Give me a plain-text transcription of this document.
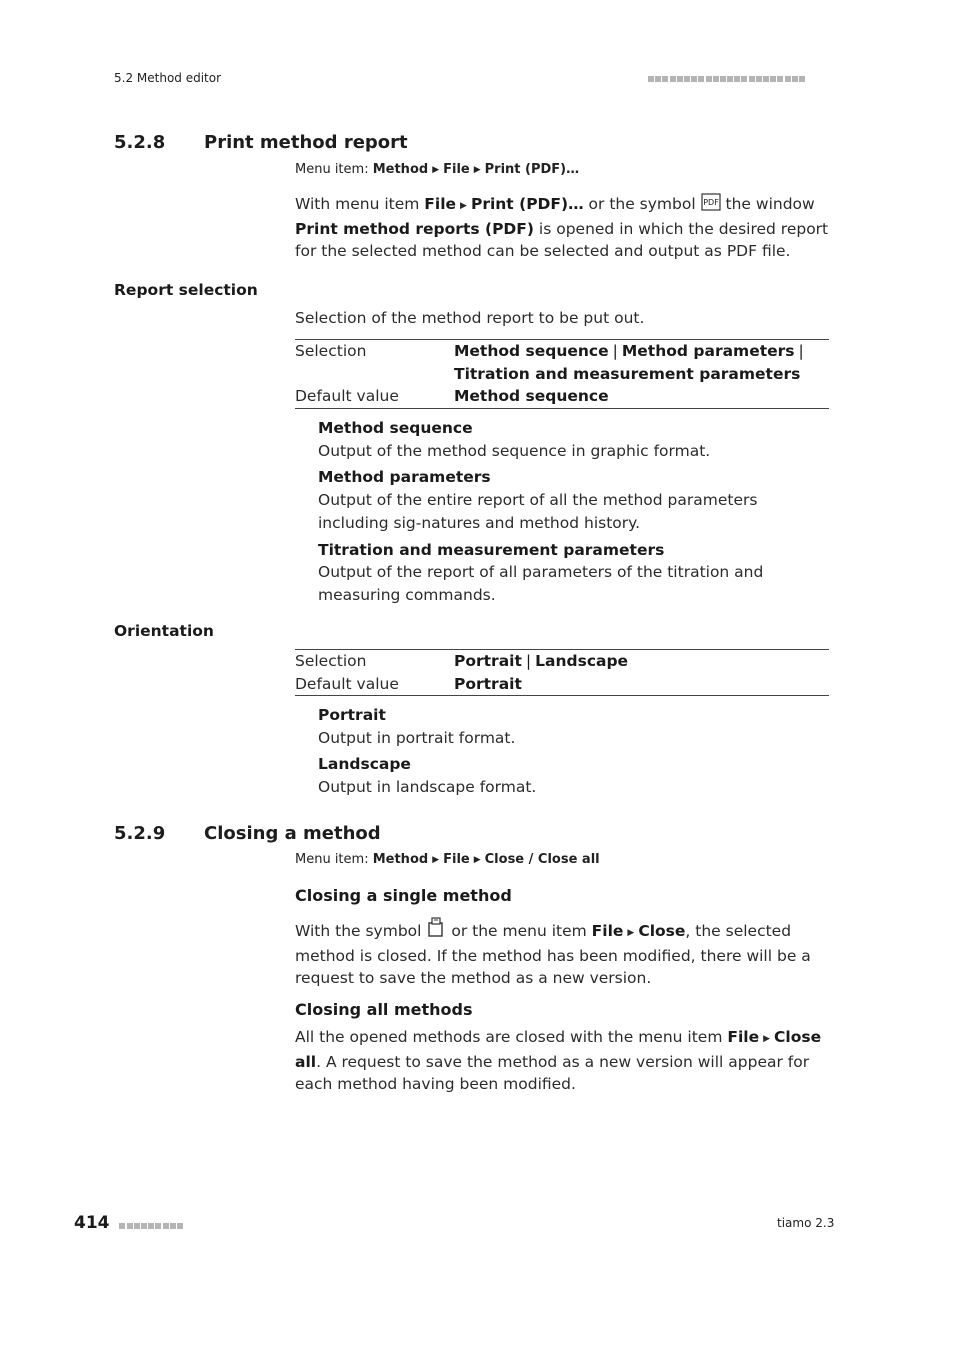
5.2 Method editor
5.2.8 Print method report
Menu item: Method ▶ File ▶ Print (PDF)…
With menu item File ▶ Print (PDF)… or the symbol PDF the window Print method reports (PDF) is opened in which the desired report for the selected method can be selected and output as PDF file.
Report selection
Selection of the method report to be put out.
Selection	Method sequence | Method parameters |
Titration and measurement parameters
Default value	Method sequence
Method sequence
Output of the method sequence in graphic format.
Method parameters
Output of the entire report of all the method parameters including sig-natures and method history.
Titration and measurement parameters
Output of the report of all parameters of the titration and measuring commands.
Orientation
Selection	Portrait | Landscape
Default value	Portrait
Portrait
Output in portrait format.
Landscape
Output in landscape format.
5.2.9 Closing a method
Menu item: Method ▶ File ▶ Close / Close all
Closing a single method
With the symbol or the menu item File ▶ Close, the selected method is closed. If the method has been modified, there will be a request to save the method as a new version.
Closing all methods
All the opened methods are closed with the menu item File ▶ Close all. A request to save the method as a new version will appear for each method having been modified.
414	tiamo 2.3
